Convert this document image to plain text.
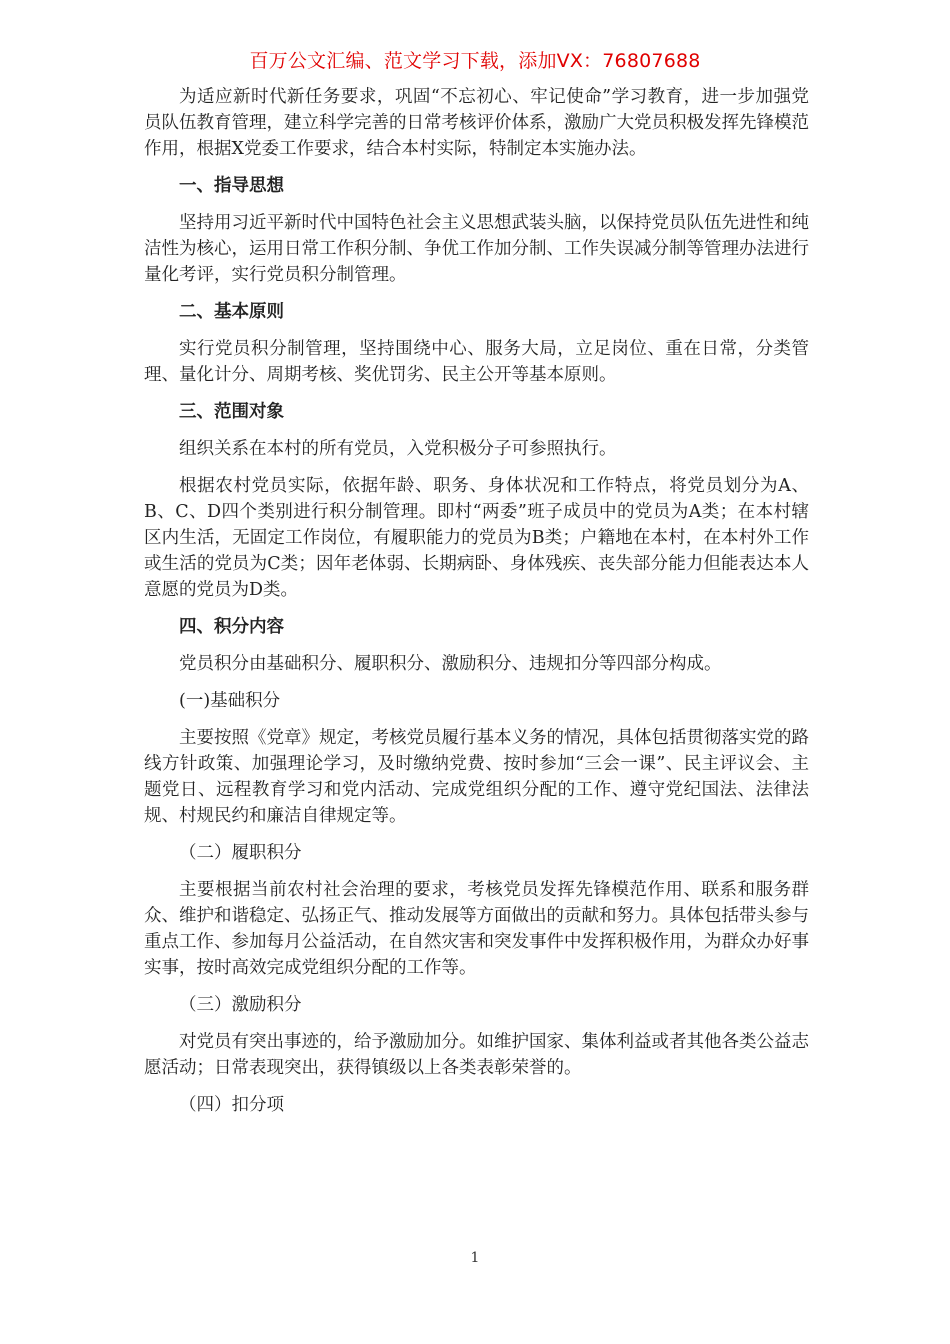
百万公文汇编、范文学习下载，添加VX：76807688

为适应新时代新任务要求，巩固“不忘初心、牢记使命”学习教育，进一步加强党员队伍教育管理，建立科学完善的日常考核评价体系，激励广大党员积极发挥先锋模范作用，根据X党委工作要求，结合本村实际，特制定本实施办法。

一、指导思想

坚持用习近平新时代中国特色社会主义思想武装头脑，以保持党员队伍先进性和纯洁性为核心，运用日常工作积分制、争优工作加分制、工作失误减分制等管理办法进行量化考评，实行党员积分制管理。

二、基本原则

实行党员积分制管理，坚持围绕中心、服务大局，立足岗位、重在日常，分类管理、量化计分、周期考核、奖优罚劣、民主公开等基本原则。

三、范围对象

组织关系在本村的所有党员，入党积极分子可参照执行。

根据农村党员实际，依据年龄、职务、身体状况和工作特点，将党员划分为A、B、C、D四个类别进行积分制管理。即村“两委”班子成员中的党员为A类；在本村辖区内生活，无固定工作岗位，有履职能力的党员为B类；户籍地在本村，在本村外工作或生活的党员为C类；因年老体弱、长期病卧、身体残疾、丧失部分能力但能表达本人意愿的党员为D类。

四、积分内容

党员积分由基础积分、履职积分、激励积分、违规扣分等四部分构成。

(一)基础积分

主要按照《党章》规定，考核党员履行基本义务的情况，具体包括贯彻落实党的路线方针政策、加强理论学习，及时缴纳党费、按时参加“三会一课”、民主评议会、主题党日、远程教育学习和党内活动、完成党组织分配的工作、遵守党纪国法、法律法规、村规民约和廉洁自律规定等。

（二）履职积分

主要根据当前农村社会治理的要求，考核党员发挥先锋模范作用、联系和服务群众、维护和谐稳定、弘扬正气、推动发展等方面做出的贡献和努力。具体包括带头参与重点工作、参加每月公益活动，在自然灾害和突发事件中发挥积极作用，为群众办好事实事，按时高效完成党组织分配的工作等。

（三）激励积分

对党员有突出事迹的，给予激励加分。如维护国家、集体利益或者其他各类公益志愿活动；日常表现突出，获得镇级以上各类表彰荣誉的。

（四）扣分项

1
